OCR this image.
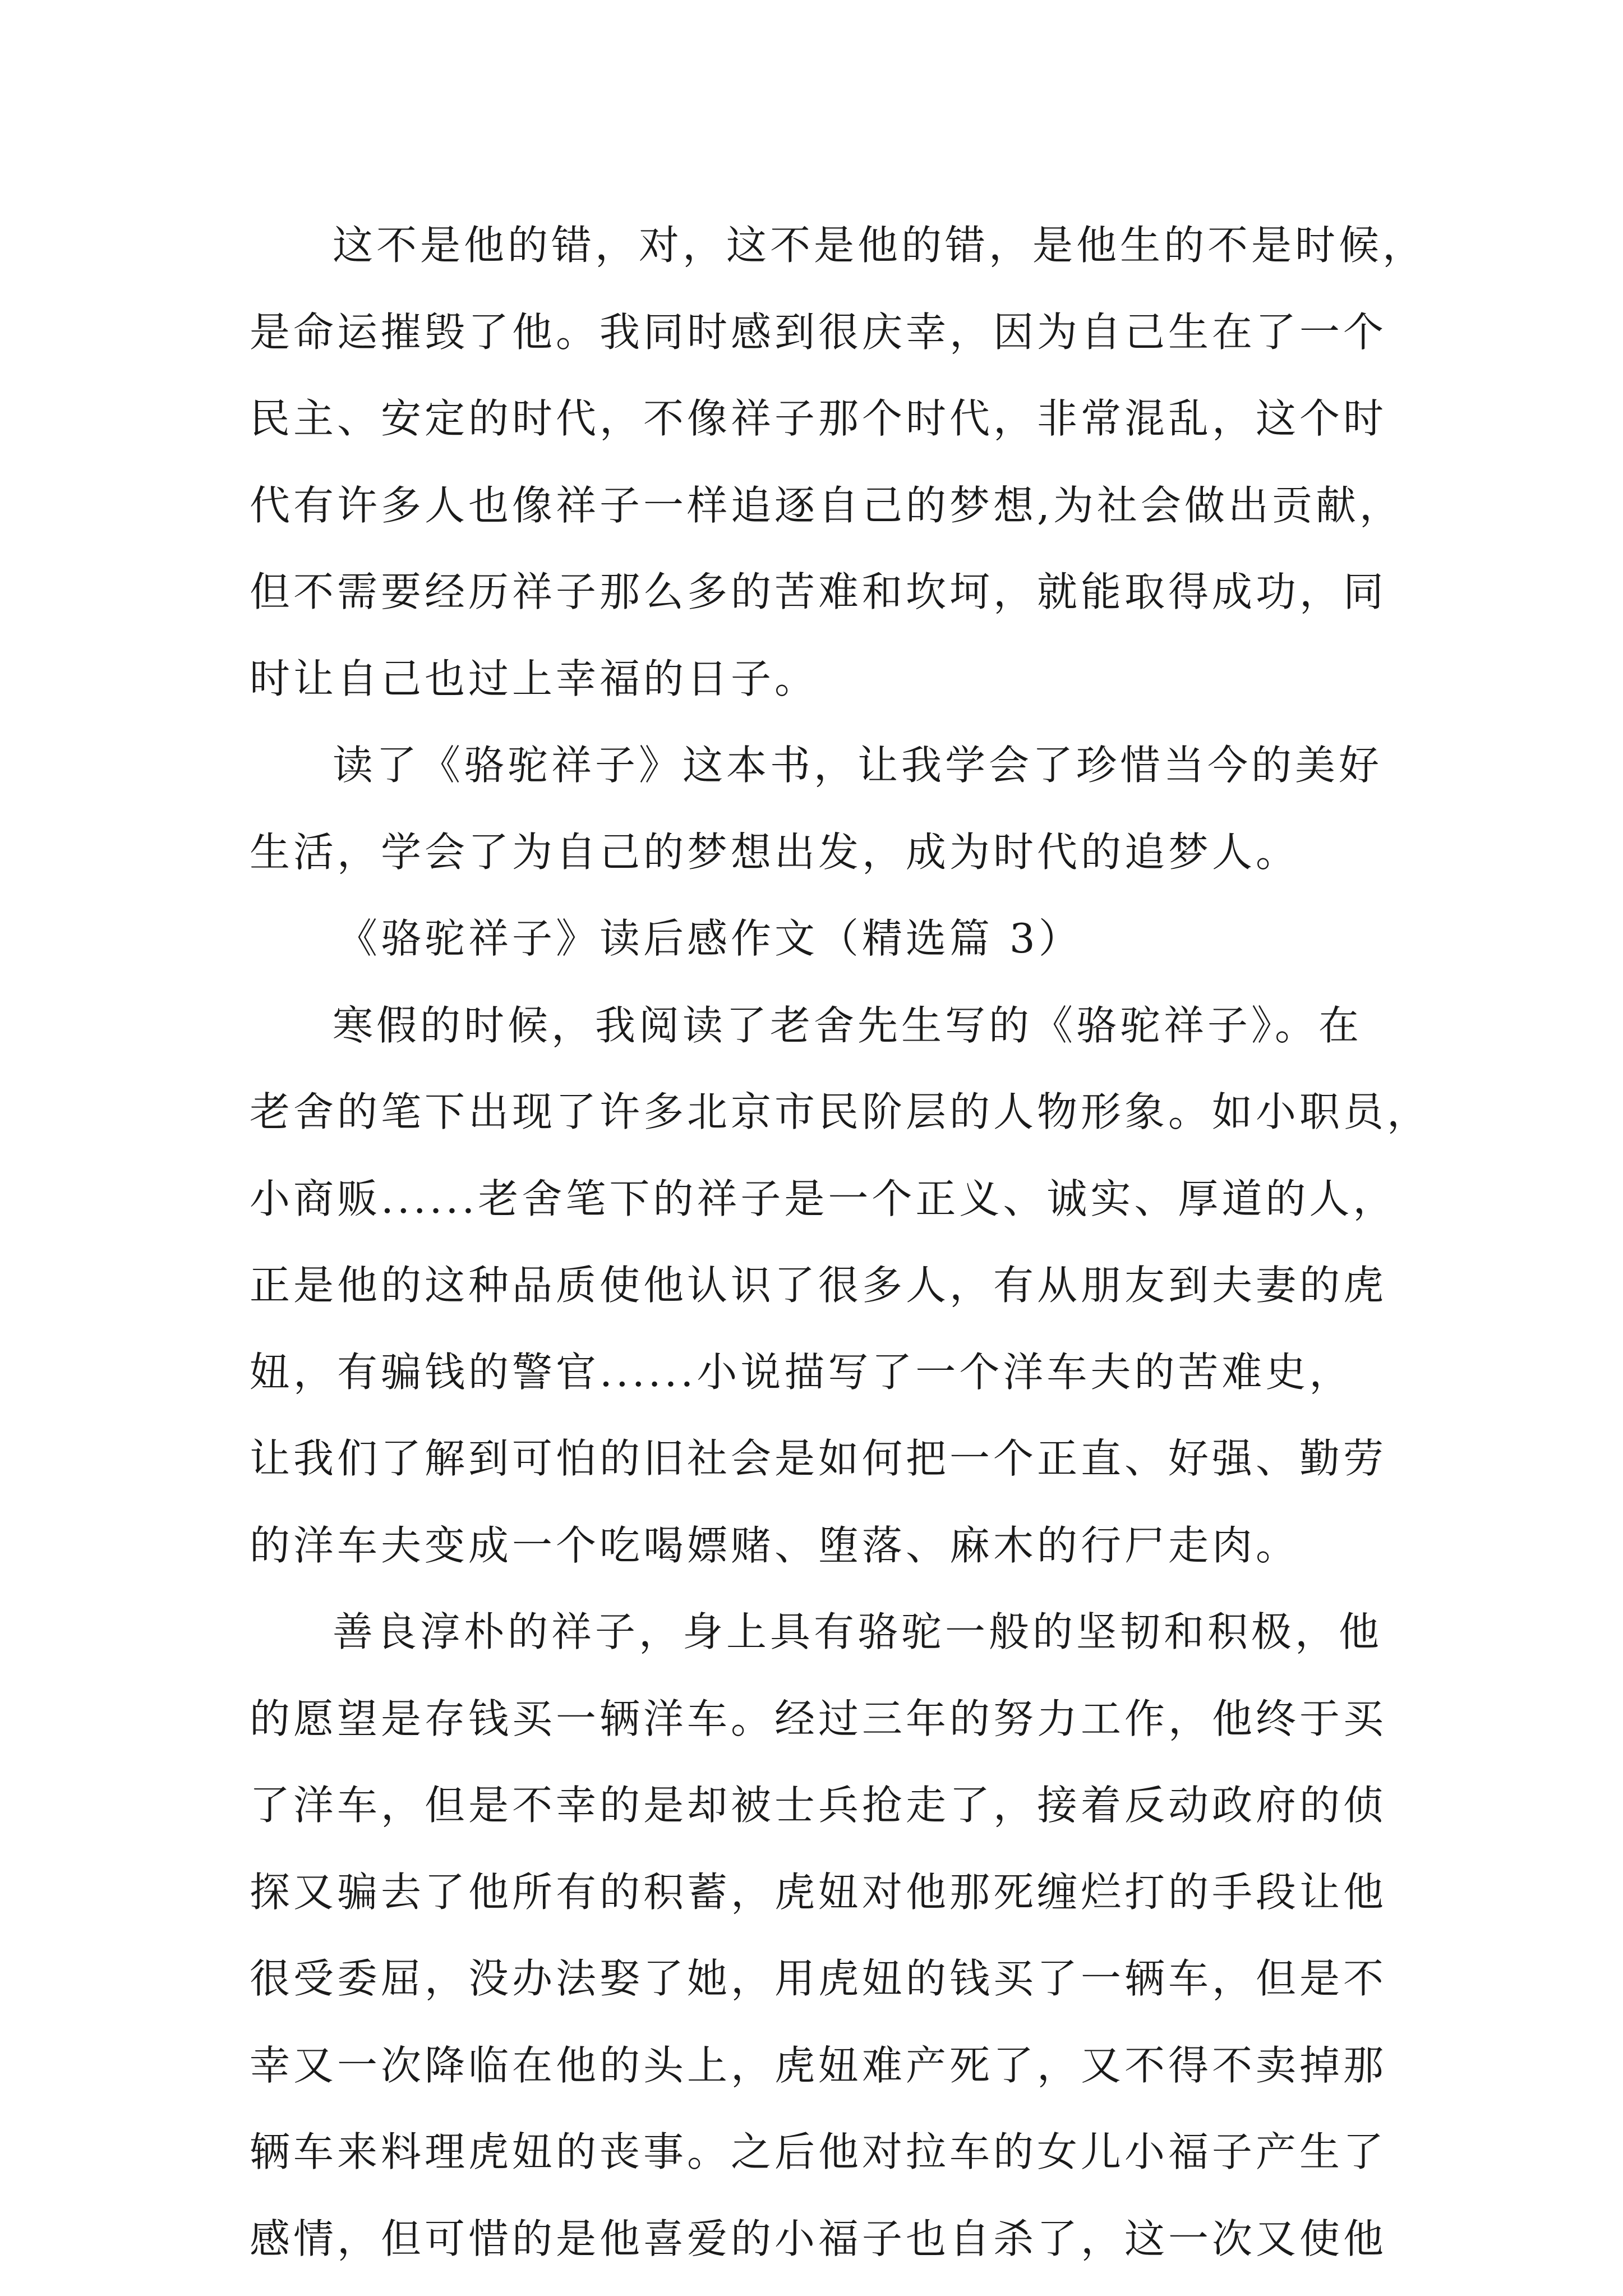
这不是他的错，对，这不是他的错，是他生的不是时候，
是命运摧毁了他。我同时感到很庆幸，因为自己生在了一个
民主、安定的时代，不像祥子那个时代，非常混乱，这个时
代有许多人也像祥子一样追逐自己的梦想,为社会做出贡献，
但不需要经历祥子那么多的苦难和坎坷，就能取得成功，同
时让自己也过上幸福的日子。
读了《骆驼祥子》这本书，让我学会了珍惜当今的美好
生活，学会了为自己的梦想出发，成为时代的追梦人。
《骆驼祥子》读后感作文（精选篇 3）
寒假的时候，我阅读了老舍先生写的《骆驼祥子》。在
老舍的笔下出现了许多北京市民阶层的人物形象。如小职员，
小商贩......老舍笔下的祥子是一个正义、诚实、厚道的人，
正是他的这种品质使他认识了很多人，有从朋友到夫妻的虎
妞，有骗钱的警官......小说描写了一个洋车夫的苦难史，
让我们了解到可怕的旧社会是如何把一个正直、好强、勤劳
的洋车夫变成一个吃喝嫖赌、堕落、麻木的行尸走肉。
善良淳朴的祥子，身上具有骆驼一般的坚韧和积极，他
的愿望是存钱买一辆洋车。经过三年的努力工作，他终于买
了洋车，但是不幸的是却被士兵抢走了，接着反动政府的侦
探又骗去了他所有的积蓄，虎妞对他那死缠烂打的手段让他
很受委屈，没办法娶了她，用虎妞的钱买了一辆车，但是不
幸又一次降临在他的头上，虎妞难产死了，又不得不卖掉那
辆车来料理虎妞的丧事。之后他对拉车的女儿小福子产生了
感情，但可惜的是他喜爱的小福子也自杀了，这一次又使他
